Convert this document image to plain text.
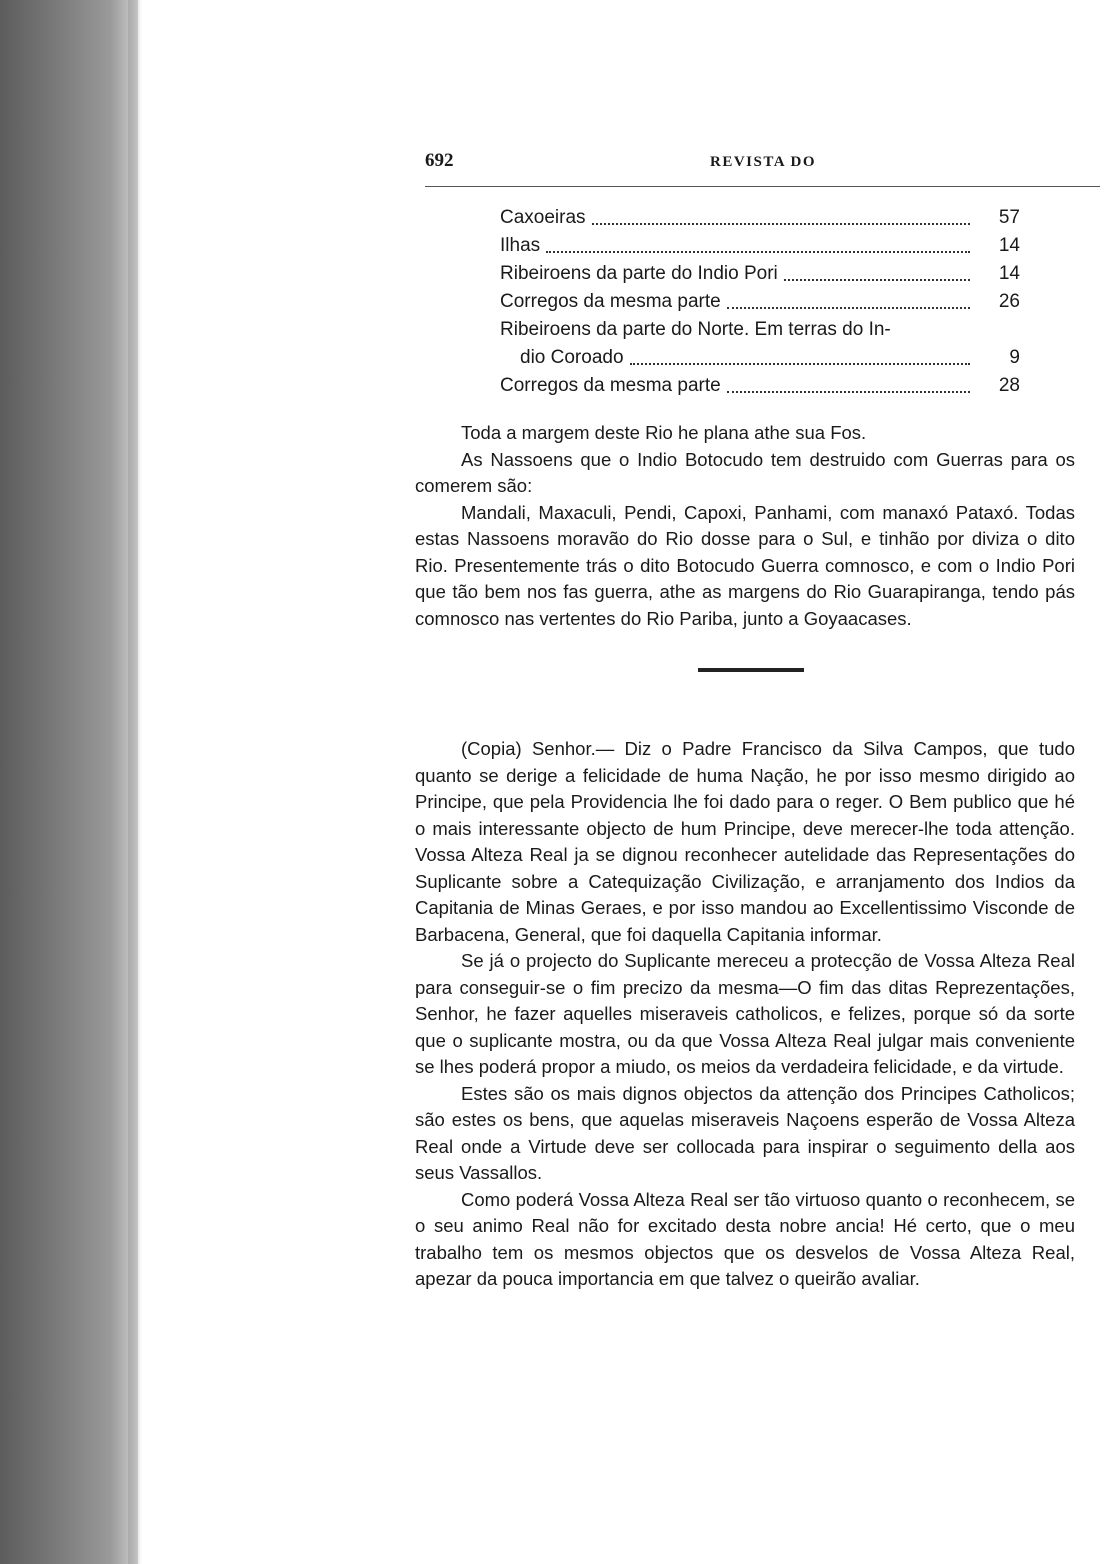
692	REVISTA DO
Caxoeiras	57
Ilhas	14
Ribeiroens da parte do Indio Pori	14
Corregos da mesma parte	26
Ribeiroens da parte do Norte. Em terras do In-
dio Coroado	9
Corregos da mesma parte	28

Toda a margem deste Rio he plana athe sua Fos.

As Nassoens que o Indio Botocudo tem destruido com Guerras para os comerem são:

Mandali, Maxaculi, Pendi, Capoxi, Panhami, com manaxó Pataxó. Todas estas Nassoens moravão do Rio dosse para o Sul, e tinhão por diviza o dito Rio. Presentemente trás o dito Botocudo Guerra comnosco, e com o Indio Pori que tão bem nos fas guerra, athe as margens do Rio Guarapiranga, tendo pás comnosco nas vertentes do Rio Pariba, junto a Goyaacases.

(Copia) Senhor.— Diz o Padre Francisco da Silva Campos, que tudo quanto se derige a felicidade de huma Nação, he por isso mesmo dirigido ao Principe, que pela Providencia lhe foi dado para o reger. O Bem publico que hé o mais interessante objecto de hum Principe, deve merecer-lhe toda attenção. Vossa Alteza Real ja se dignou reconhecer autelidade das Representações do Suplicante sobre a Catequização Civilização, e arranjamento dos Indios da Capitania de Minas Geraes, e por isso mandou ao Excellentissimo Visconde de Barbacena, General, que foi daquella Capitania informar.

Se já o projecto do Suplicante mereceu a protecção de Vossa Alteza Real para conseguir-se o fim precizo da mesma—O fim das ditas Reprezentações, Senhor, he fazer aquelles miseraveis catholicos, e felizes, porque só da sorte que o suplicante mostra, ou da que Vossa Alteza Real julgar mais conveniente se lhes poderá propor a miudo, os meios da verdadeira felicidade, e da virtude.

Estes são os mais dignos objectos da attenção dos Principes Catholicos; são estes os bens, que aquelas miseraveis Naçoens esperão de Vossa Alteza Real onde a Virtude deve ser collocada para inspirar o seguimento della aos seus Vassallos.

Como poderá Vossa Alteza Real ser tão virtuoso quanto o reconhecem, se o seu animo Real não for excitado desta nobre ancia! Hé certo, que o meu trabalho tem os mesmos objectos que os desvelos de Vossa Alteza Real, apezar da pouca importancia em que talvez o queirão avaliar.
